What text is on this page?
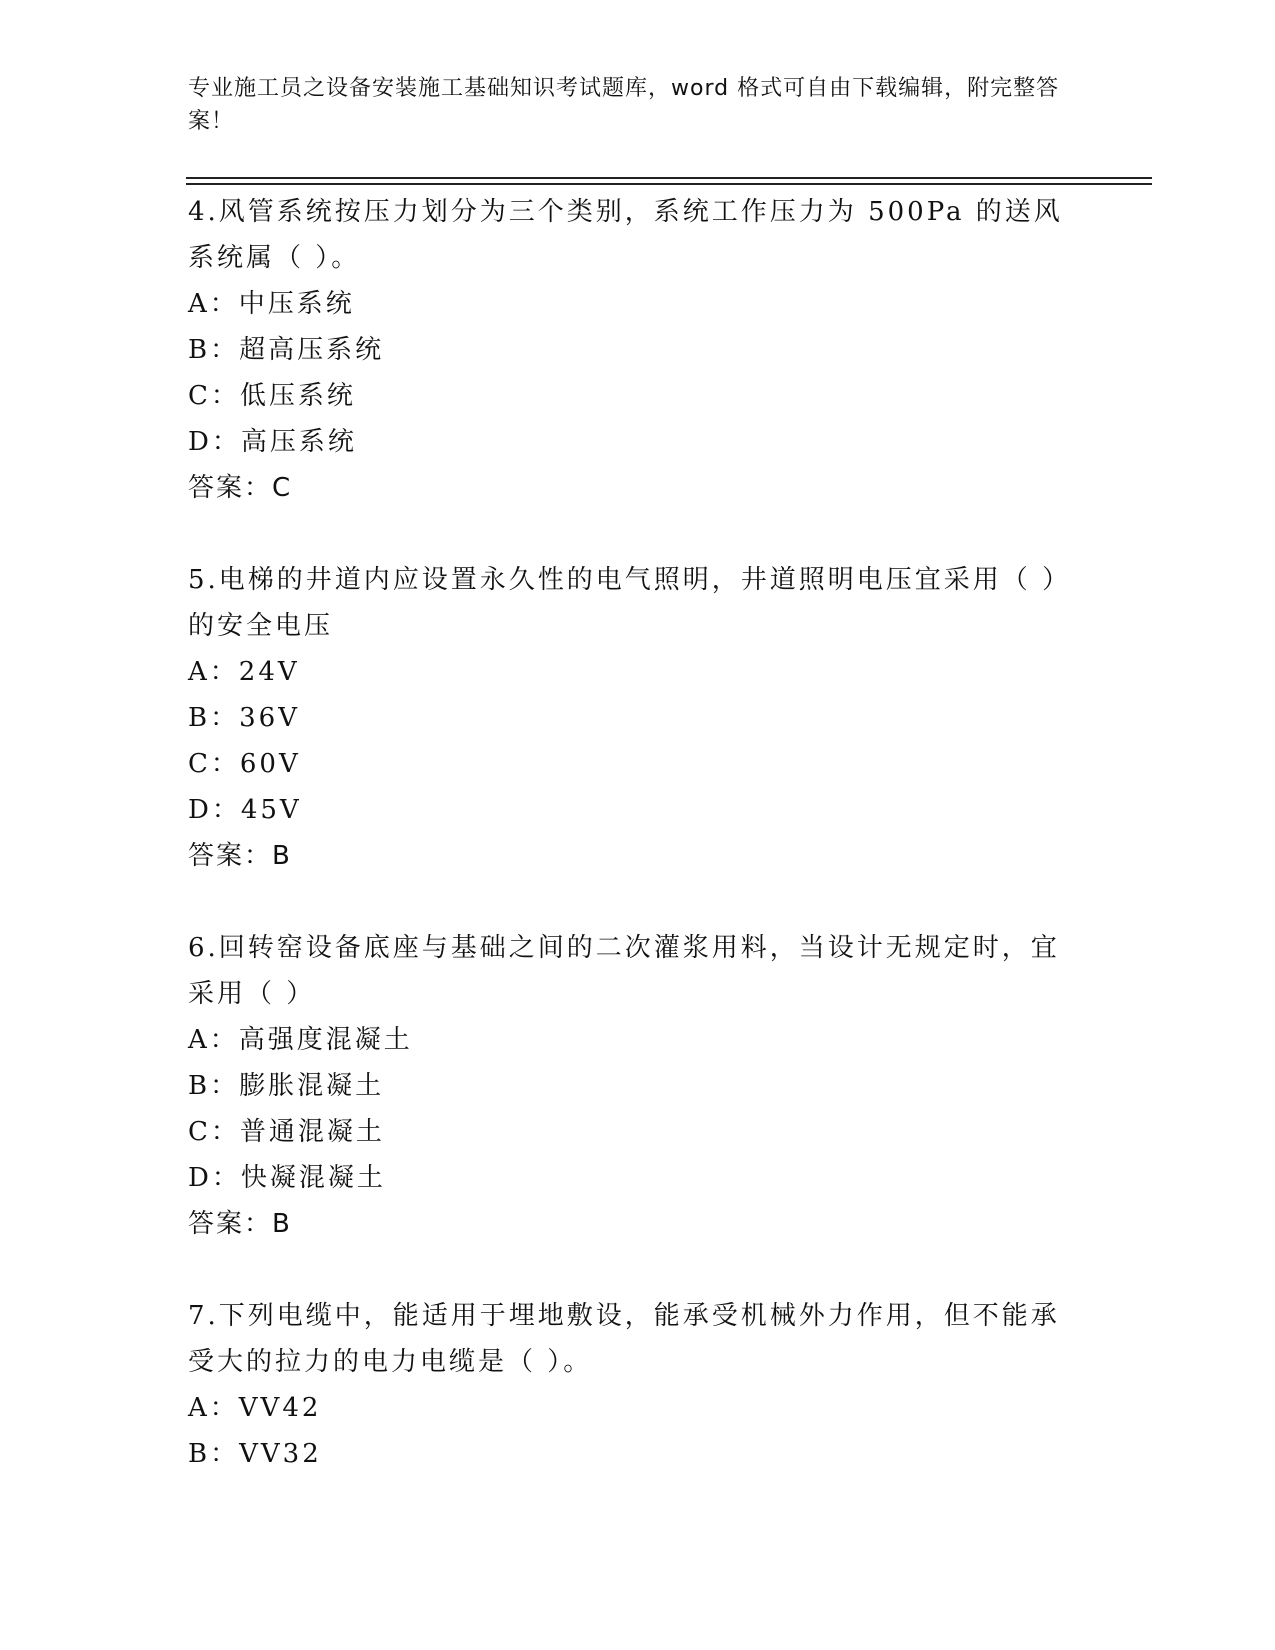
专业施工员之设备安装施工基础知识考试题库，word 格式可自由下载编辑，附完整答案！

4.风管系统按压力划分为三个类别，系统工作压力为 500Pa 的送风系统属（ ）。

A：中压系统

B：超高压系统

C：低压系统

D：高压系统

答案：C

5.电梯的井道内应设置永久性的电气照明，井道照明电压宜采用（ ）的安全电压

A：24V

B：36V

C：60V

D：45V

答案：B

6.回转窑设备底座与基础之间的二次灌浆用料，当设计无规定时，宜采用（ ）

A：高强度混凝土

B：膨胀混凝土

C：普通混凝土

D：快凝混凝土

答案：B

7.下列电缆中，能适用于埋地敷设，能承受机械外力作用，但不能承受大的拉力的电力电缆是（ ）。

A：VV42

B：VV32
